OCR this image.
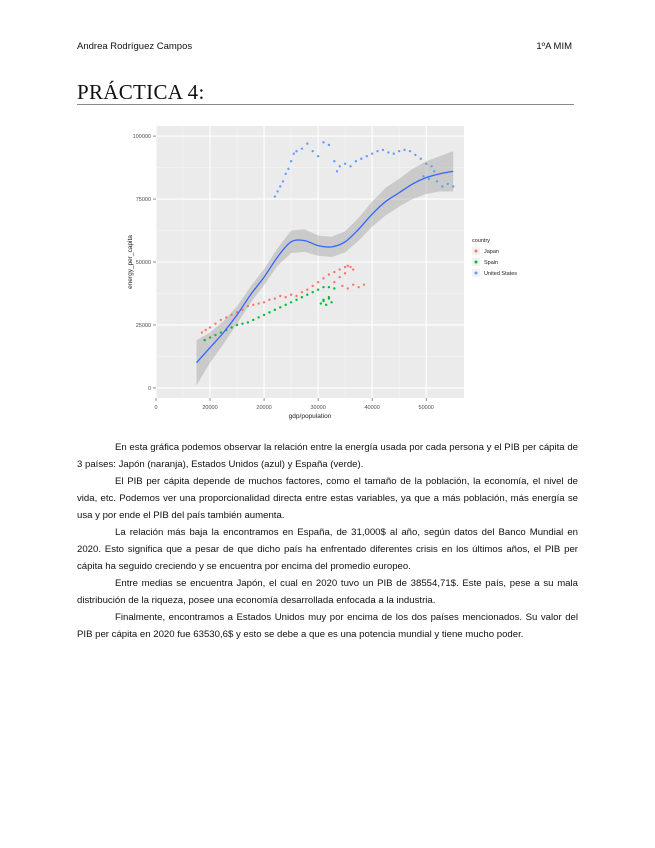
Andrea Rodríguez Campos	1ºA MIM
PRÁCTICA 4:
0	20000	20000	30000	40000	50000
0
25000
50000
75000
100000
gdp/population
energy_per_capita	country
Japan
Spain
United States

En esta gráfica podemos observar la relación entre la energía usada por cada persona y el PIB per cápita de 3 países: Japón (naranja), Estados Unidos (azul) y España (verde).

El PIB per cápita depende de muchos factores, como el tamaño de la población, la economía, el nivel de vida, etc. Podemos ver una proporcionalidad directa entre estas variables, ya que a más población, más energía se usa y por ende el PIB del país también aumenta.

La relación más baja la encontramos en España, de 31,000$ al año, según datos del Banco Mundial en 2020. Esto significa que a pesar de que dicho país ha enfrentado diferentes crisis en los últimos años, el PIB per cápita ha seguido creciendo y se encuentra por encima del promedio europeo.

Entre medias se encuentra Japón, el cual en 2020 tuvo un PIB de 38554,71$. Este país, pese a su mala distribución de la riqueza, posee una economía desarrollada enfocada a la industria.

Finalmente, encontramos a Estados Unidos muy por encima de los dos países mencionados. Su valor del PIB per cápita en 2020 fue 63530,6$ y esto se debe a que es una potencia mundial y tiene mucho poder.
